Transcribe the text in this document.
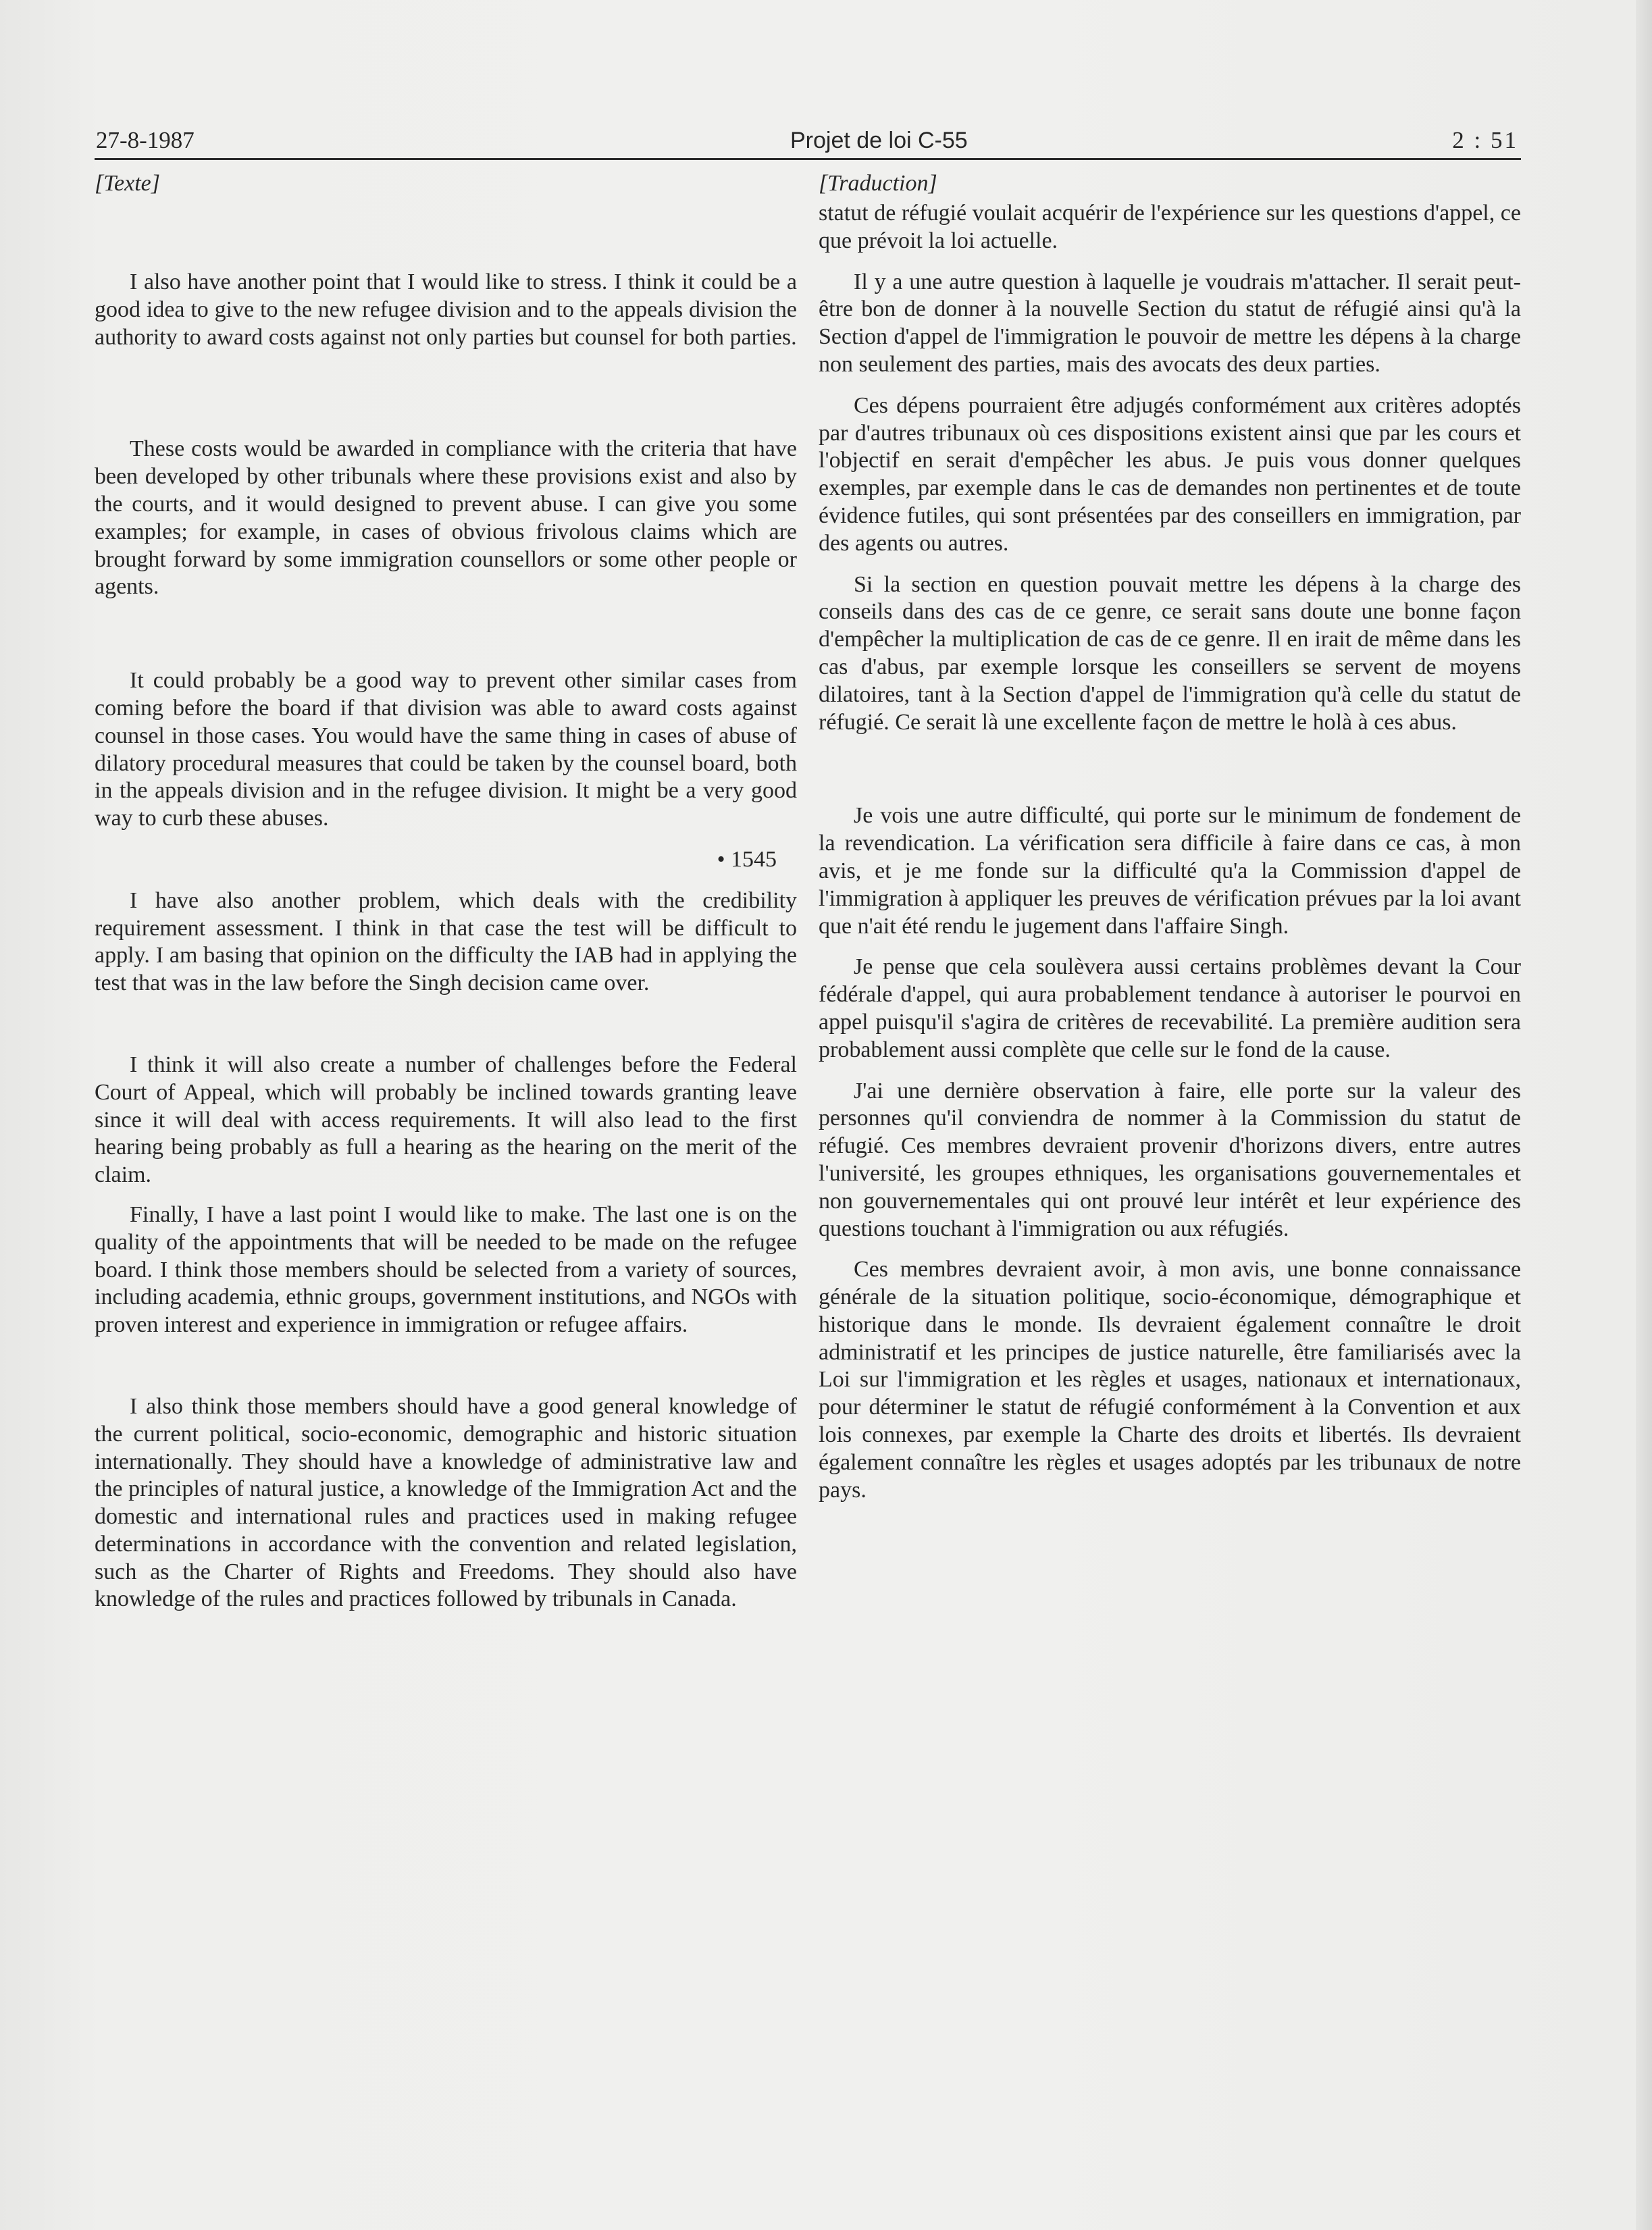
27-8-1987	Projet de loi C-55	2 : 51

[Texte]

I also have another point that I would like to stress. I think it could be a good idea to give to the new refugee division and to the appeals division the authority to award costs against not only parties but counsel for both parties.

These costs would be awarded in compliance with the criteria that have been developed by other tribunals where these provisions exist and also by the courts, and it would designed to prevent abuse. I can give you some examples; for example, in cases of obvious frivolous claims which are brought forward by some immigration counsellors or some other people or agents.

It could probably be a good way to prevent other similar cases from coming before the board if that division was able to award costs against counsel in those cases. You would have the same thing in cases of abuse of dilatory procedural measures that could be taken by the counsel board, both in the appeals division and in the refugee division. It might be a very good way to curb these abuses.

• 1545

I have also another problem, which deals with the credibility requirement assessment. I think in that case the test will be difficult to apply. I am basing that opinion on the difficulty the IAB had in applying the test that was in the law before the Singh decision came over.

I think it will also create a number of challenges before the Federal Court of Appeal, which will probably be inclined towards granting leave since it will deal with access requirements. It will also lead to the first hearing being probably as full a hearing as the hearing on the merit of the claim.

Finally, I have a last point I would like to make. The last one is on the quality of the appointments that will be needed to be made on the refugee board. I think those members should be selected from a variety of sources, including academia, ethnic groups, government institutions, and NGOs with proven interest and experience in immigration or refugee affairs.

I also think those members should have a good general knowledge of the current political, socio-economic, demographic and historic situation internationally. They should have a knowledge of administrative law and the principles of natural justice, a knowledge of the Immigration Act and the domestic and international rules and practices used in making refugee determinations in accordance with the convention and related legislation, such as the Charter of Rights and Freedoms. They should also have knowledge of the rules and practices followed by tribunals in Canada.

[Traduction]

statut de réfugié voulait acquérir de l'expérience sur les questions d'appel, ce que prévoit la loi actuelle.

Il y a une autre question à laquelle je voudrais m'attacher. Il serait peut-être bon de donner à la nouvelle Section du statut de réfugié ainsi qu'à la Section d'appel de l'immigration le pouvoir de mettre les dépens à la charge non seulement des parties, mais des avocats des deux parties.

Ces dépens pourraient être adjugés conformément aux critères adoptés par d'autres tribunaux où ces dispositions existent ainsi que par les cours et l'objectif en serait d'empêcher les abus. Je puis vous donner quelques exemples, par exemple dans le cas de demandes non pertinentes et de toute évidence futiles, qui sont présentées par des conseillers en immigration, par des agents ou autres.

Si la section en question pouvait mettre les dépens à la charge des conseils dans des cas de ce genre, ce serait sans doute une bonne façon d'empêcher la multiplication de cas de ce genre. Il en irait de même dans les cas d'abus, par exemple lorsque les conseillers se servent de moyens dilatoires, tant à la Section d'appel de l'immigration qu'à celle du statut de réfugié. Ce serait là une excellente façon de mettre le holà à ces abus.

Je vois une autre difficulté, qui porte sur le minimum de fondement de la revendication. La vérification sera difficile à faire dans ce cas, à mon avis, et je me fonde sur la difficulté qu'a la Commission d'appel de l'immigration à appliquer les preuves de vérification prévues par la loi avant que n'ait été rendu le jugement dans l'affaire Singh.

Je pense que cela soulèvera aussi certains problèmes devant la Cour fédérale d'appel, qui aura probablement tendance à autoriser le pourvoi en appel puisqu'il s'agira de critères de recevabilité. La première audition sera probablement aussi complète que celle sur le fond de la cause.

J'ai une dernière observation à faire, elle porte sur la valeur des personnes qu'il conviendra de nommer à la Commission du statut de réfugié. Ces membres devraient provenir d'horizons divers, entre autres l'université, les groupes ethniques, les organisations gouvernementales et non gouvernementales qui ont prouvé leur intérêt et leur expérience des questions touchant à l'immigration ou aux réfugiés.

Ces membres devraient avoir, à mon avis, une bonne connaissance générale de la situation politique, socio-économique, démographique et historique dans le monde. Ils devraient également connaître le droit administratif et les principes de justice naturelle, être familiarisés avec la Loi sur l'immigration et les règles et usages, nationaux et internationaux, pour déterminer le statut de réfugié conformément à la Convention et aux lois connexes, par exemple la Charte des droits et libertés. Ils devraient également connaître les règles et usages adoptés par les tribunaux de notre pays.
